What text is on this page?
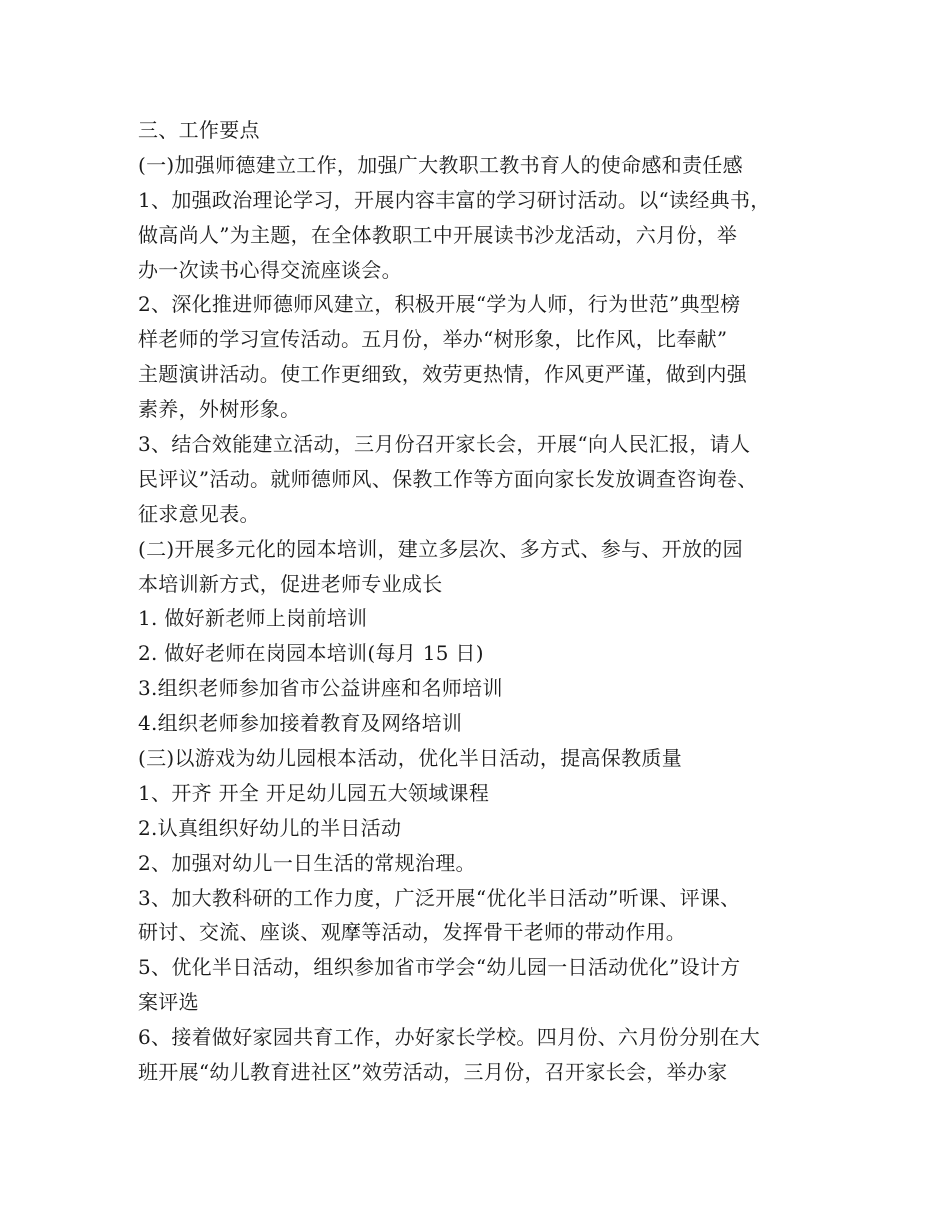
三、工作要点
(一)加强师德建立工作，加强广大教职工教书育人的使命感和责任感
1、加强政治理论学习，开展内容丰富的学习研讨活动。以“读经典书，
做高尚人”为主题，在全体教职工中开展读书沙龙活动，六月份，举
办一次读书心得交流座谈会。
2、深化推进师德师风建立，积极开展“学为人师，行为世范”典型榜
样老师的学习宣传活动。五月份，举办“树形象，比作风，比奉献”
主题演讲活动。使工作更细致，效劳更热情，作风更严谨，做到内强
素养，外树形象。
3、结合效能建立活动，三月份召开家长会，开展“向人民汇报，请人
民评议”活动。就师德师风、保教工作等方面向家长发放调查咨询卷、
征求意见表。
(二)开展多元化的园本培训，建立多层次、多方式、参与、开放的园
本培训新方式，促进老师专业成长
1. 做好新老师上岗前培训
2. 做好老师在岗园本培训(每月 15 日)
3.组织老师参加省市公益讲座和名师培训
4.组织老师参加接着教育及网络培训
(三)以游戏为幼儿园根本活动，优化半日活动，提高保教质量
1、开齐 开全 开足幼儿园五大领域课程
2.认真组织好幼儿的半日活动
2、加强对幼儿一日生活的常规治理。
3、加大教科研的工作力度，广泛开展“优化半日活动”听课、评课、
研讨、交流、座谈、观摩等活动，发挥骨干老师的带动作用。
5、优化半日活动，组织参加省市学会“幼儿园一日活动优化”设计方
案评选
6、接着做好家园共育工作，办好家长学校。四月份、六月份分别在大
班开展“幼儿教育进社区”效劳活动，三月份，召开家长会，举办家
